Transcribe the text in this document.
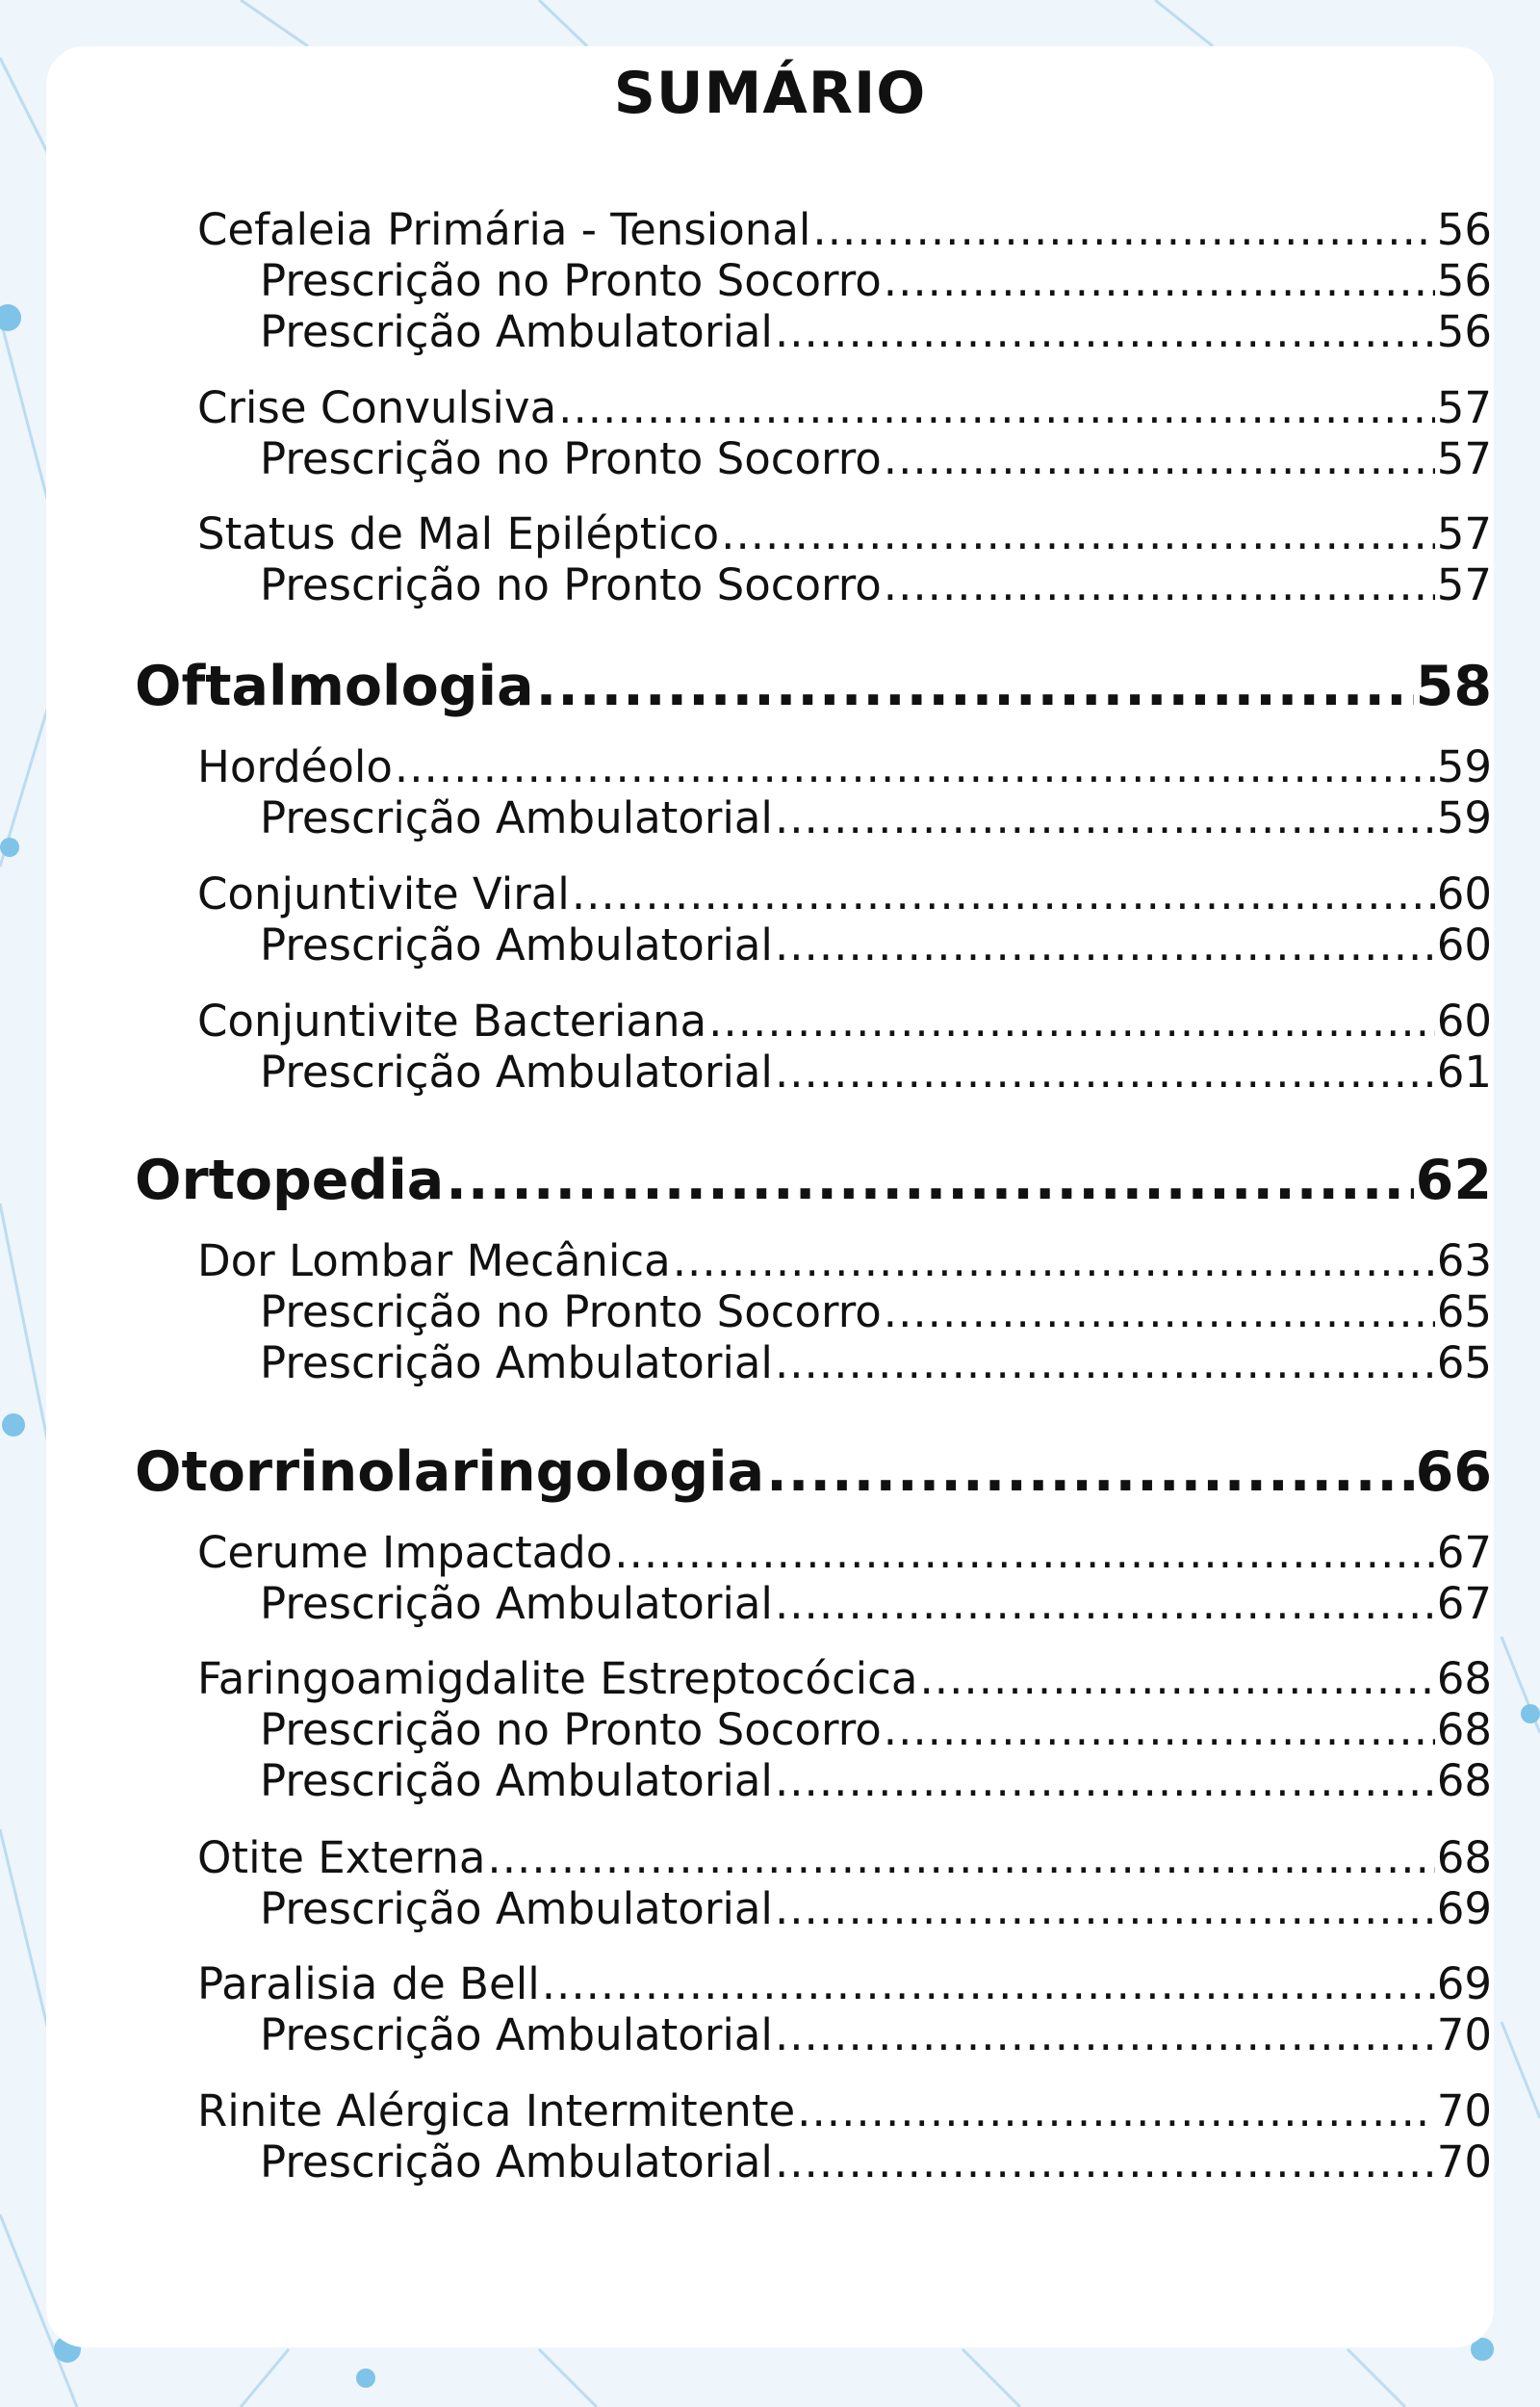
SUMÁRIO
Cefaleia Primária - Tensional .....	56
Prescrição no Pronto Socorro .....	56
Prescrição Ambulatorial .....	56
Crise Convulsiva .....	57
Prescrição no Pronto Socorro .....	57
Status de Mal Epiléptico .....	57
Prescrição no Pronto Socorro .....	57
Oftalmologia .....	58
Hordéolo .....	59
Prescrição Ambulatorial .....	59
Conjuntivite Viral .....	60
Prescrição Ambulatorial .....	60
Conjuntivite Bacteriana .....	60
Prescrição Ambulatorial .....	61
Ortopedia .....	62
Dor Lombar Mecânica .....	63
Prescrição no Pronto Socorro .....	65
Prescrição Ambulatorial .....	65
Otorrinolaringologia .....	66
Cerume Impactado .....	67
Prescrição Ambulatorial .....	67
Faringoamigdalite Estreptocócica .....	68
Prescrição no Pronto Socorro .....	68
Prescrição Ambulatorial .....	68
Otite Externa .....	68
Prescrição Ambulatorial .....	69
Paralisia de Bell .....	69
Prescrição Ambulatorial .....	70
Rinite Alérgica Intermitente .....	70
Prescrição Ambulatorial .....	70
